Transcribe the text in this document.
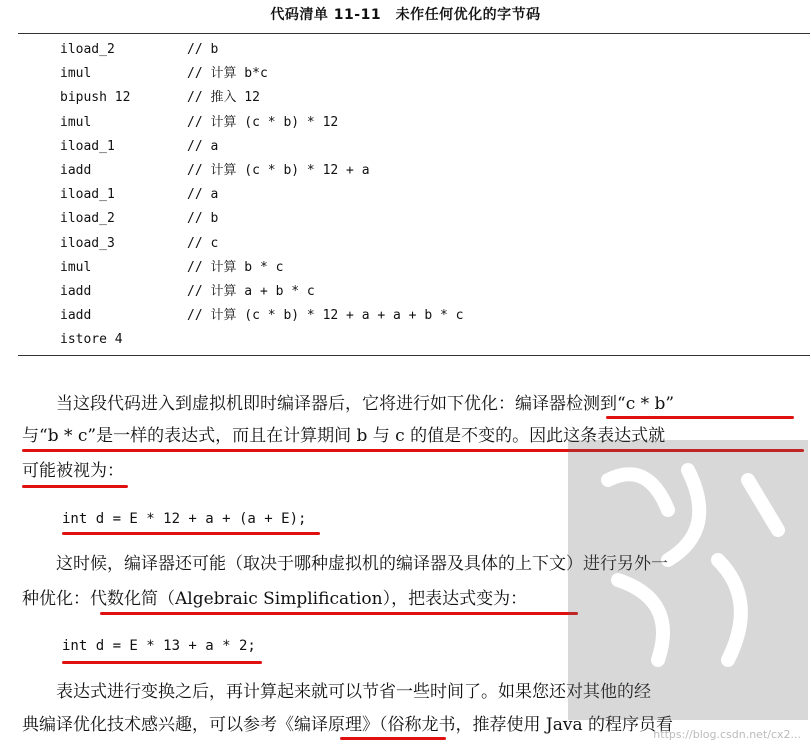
代码清单 11-11　未作任何优化的字节码
iload_2	// b
imul	// 计算 b*c
bipush 12	// 推入 12
imul	// 计算 (c * b) * 12
iload_1	// a
iadd	// 计算 (c * b) * 12 + a
iload_1	// a
iload_2	// b
iload_3	// c
imul	// 计算 b * c
iadd	// 计算 a + b * c
iadd	// 计算 (c * b) * 12 + a + a + b * c
istore 4
　　当这段代码进入到虚拟机即时编译器后，它将进行如下优化：编译器检测到“c * b”
与“b * c”是一样的表达式，而且在计算期间 b 与 c 的值是不变的。因此这条表达式就
可能被视为：
int d = E * 12 + a + (a + E);
　　这时候，编译器还可能（取决于哪种虚拟机的编译器及具体的上下文）进行另外一
种优化：代数化简（Algebraic Simplification），把表达式变为：
int d = E * 13 + a * 2;
　　表达式进行变换之后，再计算起来就可以节省一些时间了。如果您还对其他的经
典编译优化技术感兴趣，可以参考《编译原理》（俗称龙书，推荐使用 Java 的程序员看
https://blog.csdn.net/cx2...
